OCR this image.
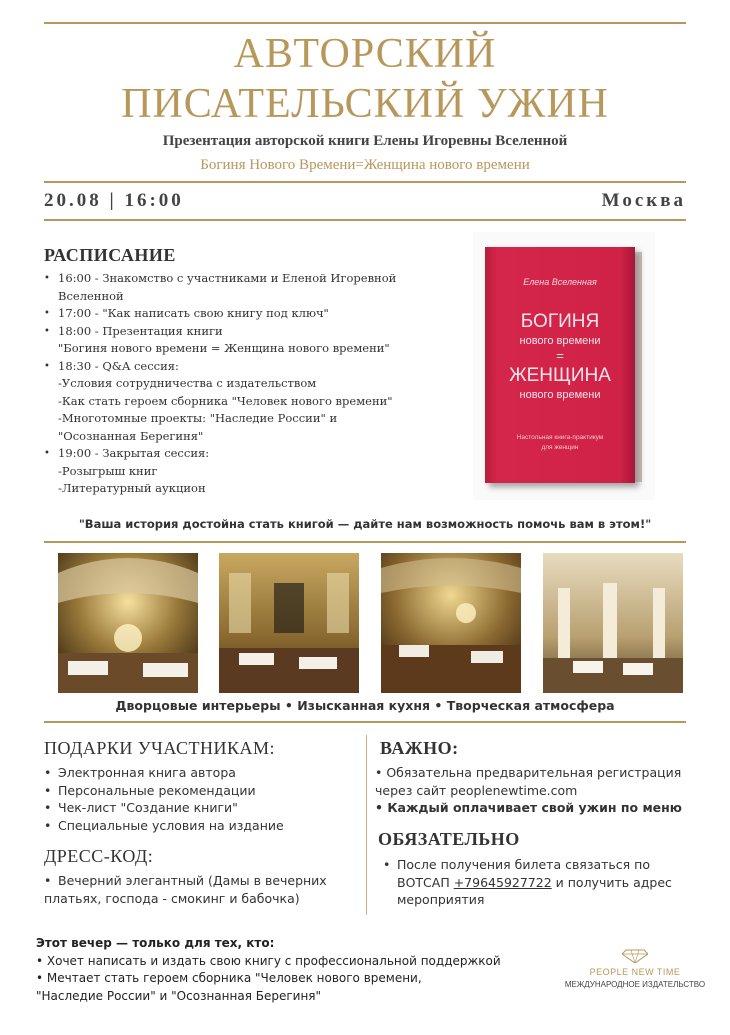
АВТОРСКИЙ
ПИСАТЕЛЬСКИЙ УЖИН
Презентация авторской книги Елены Игоревны Вселенной
Богиня Нового Времени=Женщина нового времени
20.08 | 16:00	Москва
РАСПИСАНИЕ
• 16:00 - Знакомство с участниками и Еленой Игоревной
Вселенной
• 17:00 - "Как написать свою книгу под ключ"
• 18:00 - Презентация книги
"Богиня нового времени = Женщина нового времени"
• 18:30 - Q&A сессия:
-Условия сотрудничества с издательством
-Как стать героем сборника "Человек нового времени"
-Многотомные проекты: "Наследие России" и
"Осознанная Берегиня"
• 19:00 - Закрытая сессия:
-Розыгрыш книг
-Литературный аукцион
Елена Вселенная
БОГИНЯ
нового времени
=
ЖЕНЩИНА
нового времени
Настольная книга-практикум
для женщин
"Ваша история достойна стать книгой — дайте нам возможность помочь вам в этом!"
Дворцовые интерьеры • Изысканная кухня • Творческая атмосфера
ПОДАРКИ УЧАСТНИКАМ:
• Электронная книга автора
• Персональные рекомендации
• Чек-лист "Создание книги"
• Специальные условия на издание
ДРЕСС-КОД:
• Вечерний элегантный (Дамы в вечерних
платьях, господа - смокинг и бабочка)
ВАЖНО:
• Обязательна предварительная регистрация
через сайт peoplenewtime.com
• Каждый оплачивает свой ужин по меню
ОБЯЗАТЕЛЬНО
• После получения билета связаться по
ВОТСАП +79645927722 и получить адрес
мероприятия
Этот вечер — только для тех, кто:
• Хочет написать и издать свою книгу с профессиональной поддержкой
• Мечтает стать героем сборника "Человек нового времени,
"Наследие России" и "Осознанная Берегиня"
PEOPLE NEW TIME
МЕЖДУНАРОДНОЕ ИЗДАТЕЛЬСТВО
